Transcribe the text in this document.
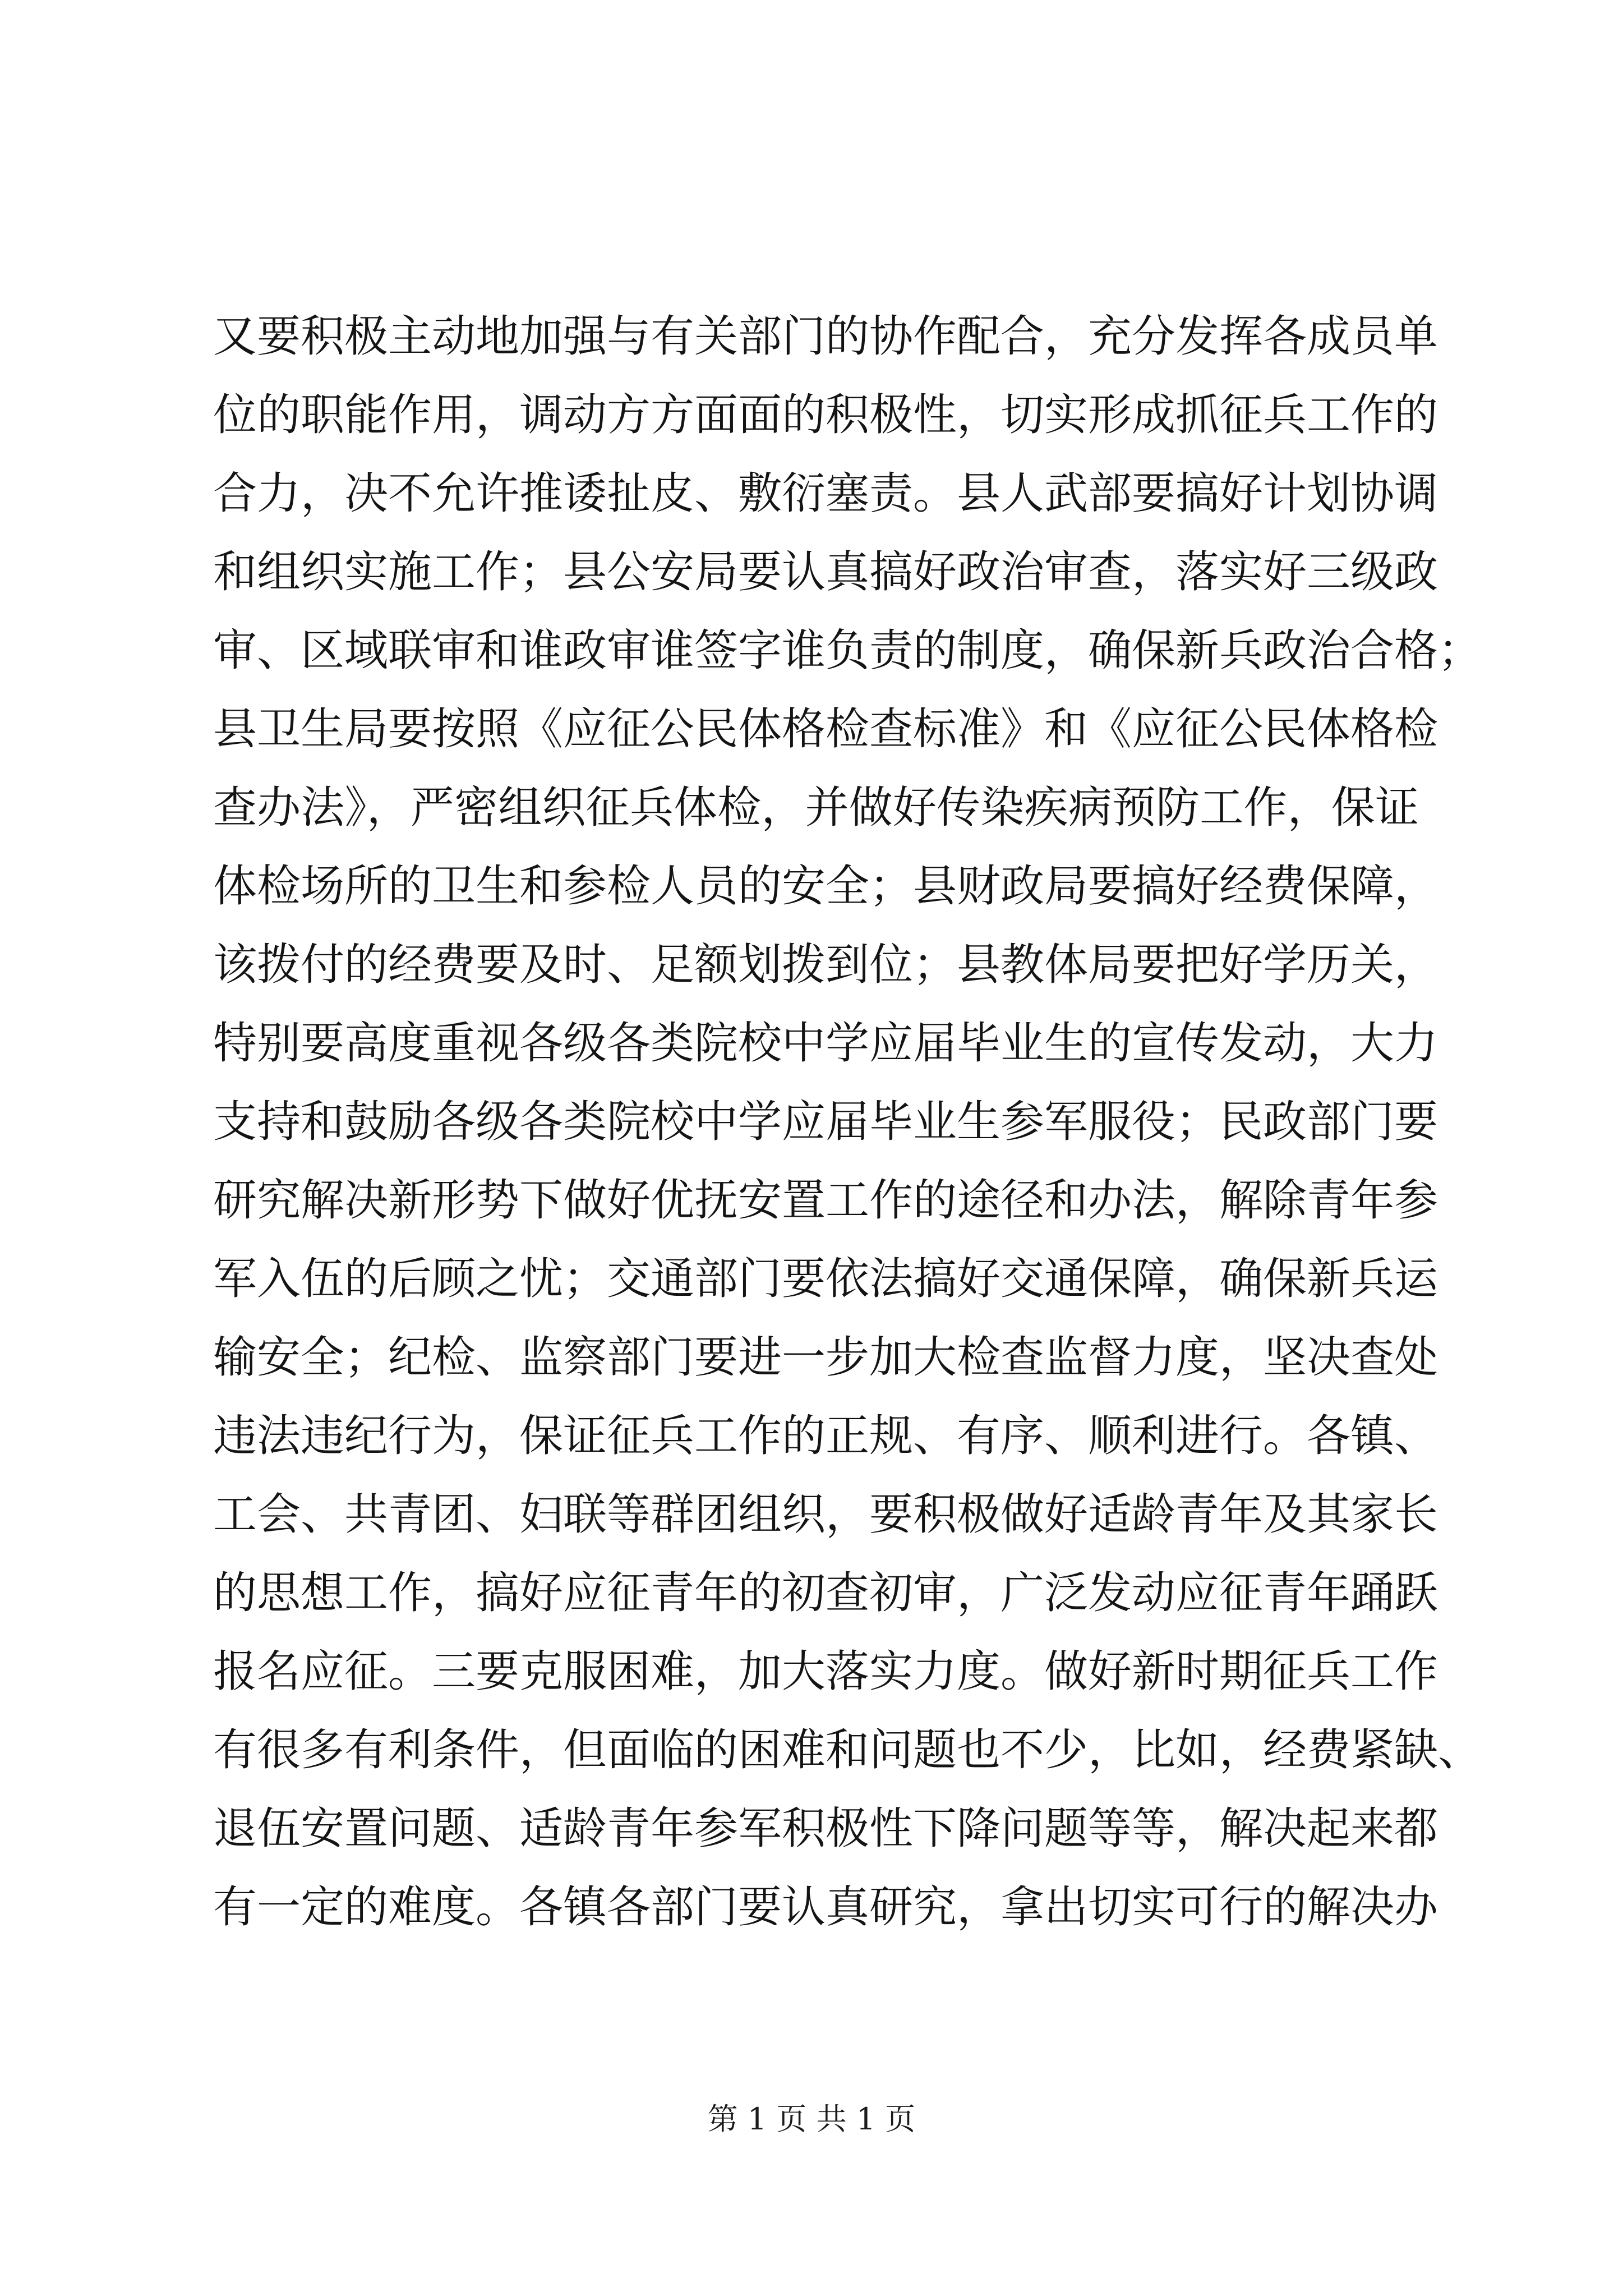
又要积极主动地加强与有关部门的协作配合，充分发挥各成员单
位的职能作用，调动方方面面的积极性，切实形成抓征兵工作的
合力，决不允许推诿扯皮、敷衍塞责。县人武部要搞好计划协调
和组织实施工作；县公安局要认真搞好政治审查，落实好三级政
审、区域联审和谁政审谁签字谁负责的制度，确保新兵政治合格；
县卫生局要按照《应征公民体格检查标准》和《应征公民体格检
查办法》，严密组织征兵体检，并做好传染疾病预防工作，保证
体检场所的卫生和参检人员的安全；县财政局要搞好经费保障，
该拨付的经费要及时、足额划拨到位；县教体局要把好学历关，
特别要高度重视各级各类院校中学应届毕业生的宣传发动，大力
支持和鼓励各级各类院校中学应届毕业生参军服役；民政部门要
研究解决新形势下做好优抚安置工作的途径和办法，解除青年参
军入伍的后顾之忧；交通部门要依法搞好交通保障，确保新兵运
输安全；纪检、监察部门要进一步加大检查监督力度，坚决查处
违法违纪行为，保证征兵工作的正规、有序、顺利进行。各镇、
工会、共青团、妇联等群团组织，要积极做好适龄青年及其家长
的思想工作，搞好应征青年的初查初审，广泛发动应征青年踊跃
报名应征。三要克服困难，加大落实力度。做好新时期征兵工作
有很多有利条件，但面临的困难和问题也不少，比如，经费紧缺、
退伍安置问题、适龄青年参军积极性下降问题等等，解决起来都
有一定的难度。各镇各部门要认真研究，拿出切实可行的解决办
第 1 页 共 1 页
